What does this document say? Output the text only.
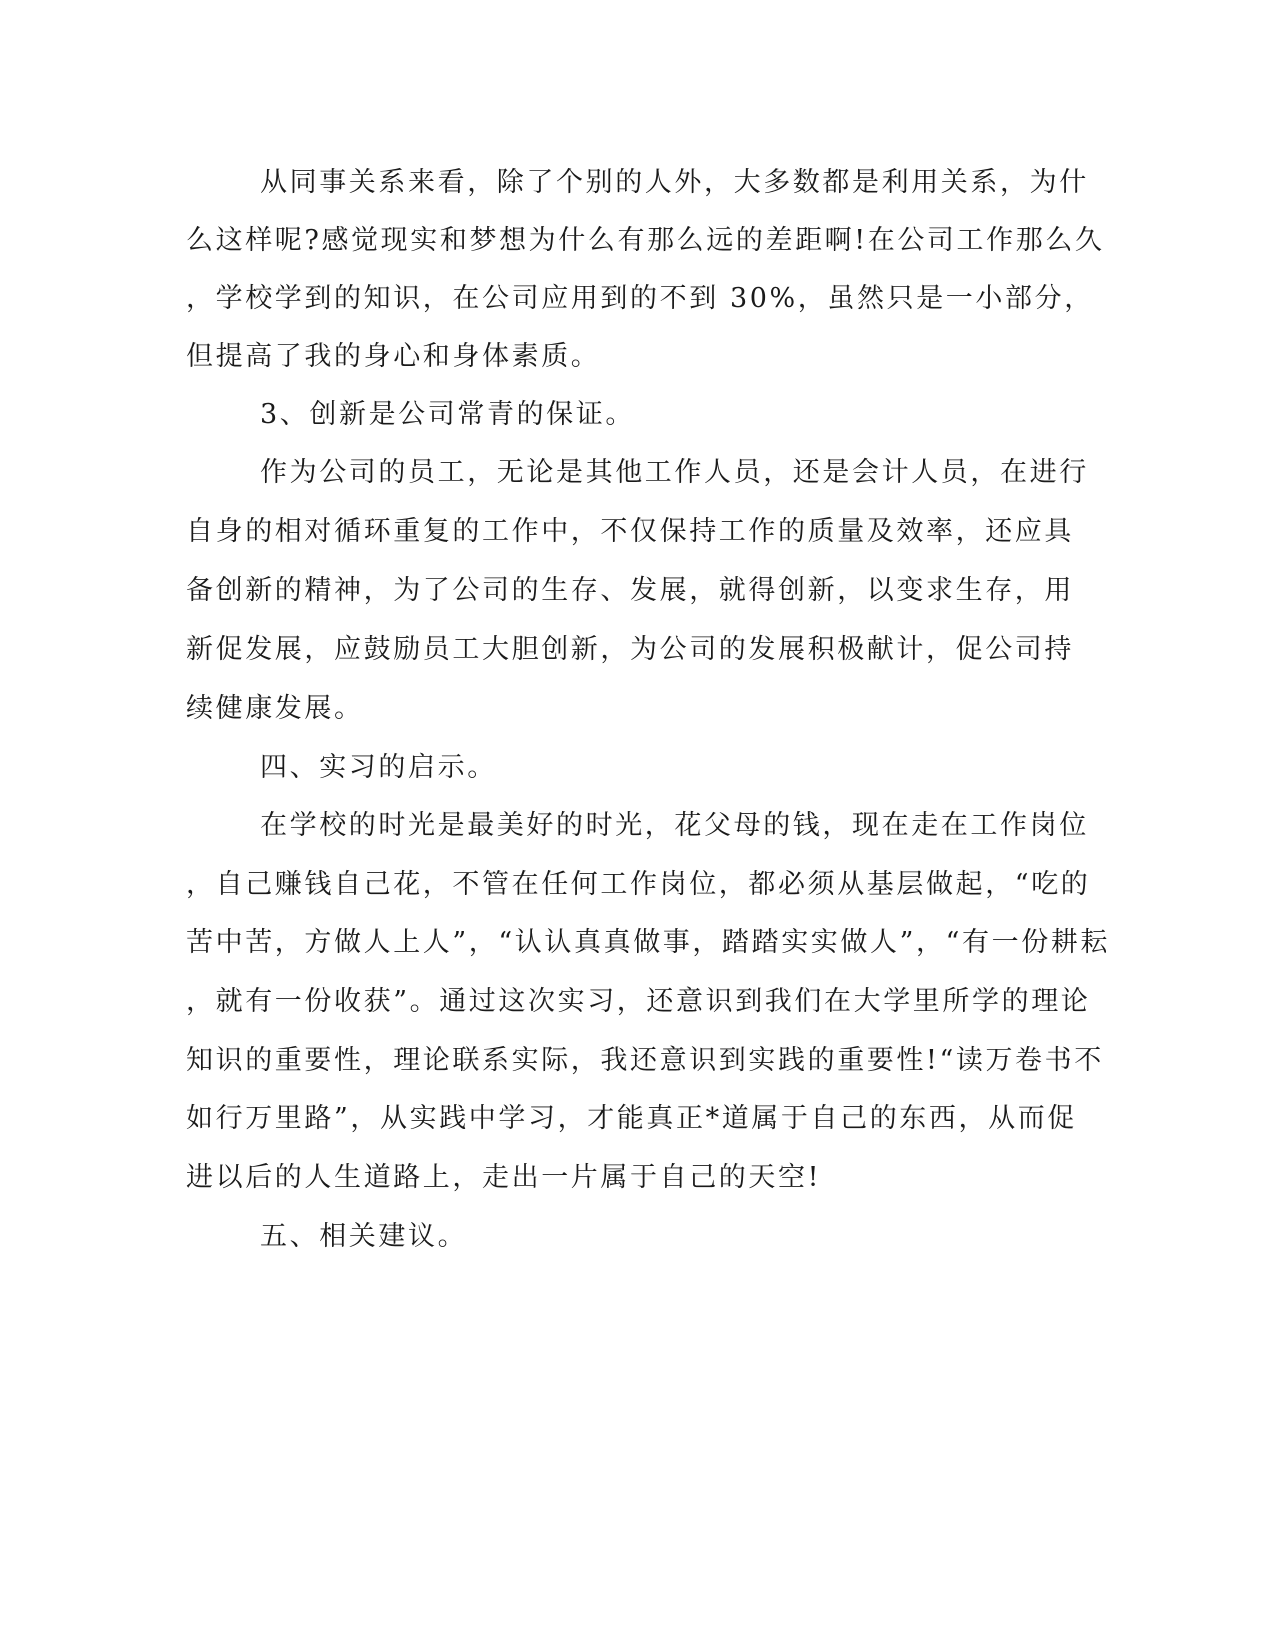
从同事关系来看，除了个别的人外，大多数都是利用关系，为什
么这样呢?感觉现实和梦想为什么有那么远的差距啊!在公司工作那么久
，学校学到的知识，在公司应用到的不到 30%，虽然只是一小部分，
但提高了我的身心和身体素质。
3、创新是公司常青的保证。
作为公司的员工，无论是其他工作人员，还是会计人员，在进行
自身的相对循环重复的工作中，不仅保持工作的质量及效率，还应具
备创新的精神，为了公司的生存、发展，就得创新，以变求生存，用
新促发展，应鼓励员工大胆创新，为公司的发展积极献计，促公司持
续健康发展。
四、实习的启示。
在学校的时光是最美好的时光，花父母的钱，现在走在工作岗位
，自己赚钱自己花，不管在任何工作岗位，都必须从基层做起，“吃的
苦中苦，方做人上人”，“认认真真做事，踏踏实实做人”，“有一份耕耘
，就有一份收获”。通过这次实习，还意识到我们在大学里所学的理论
知识的重要性，理论联系实际，我还意识到实践的重要性!“读万卷书不
如行万里路”，从实践中学习，才能真正*道属于自己的东西，从而促
进以后的人生道路上，走出一片属于自己的天空!
五、相关建议。
